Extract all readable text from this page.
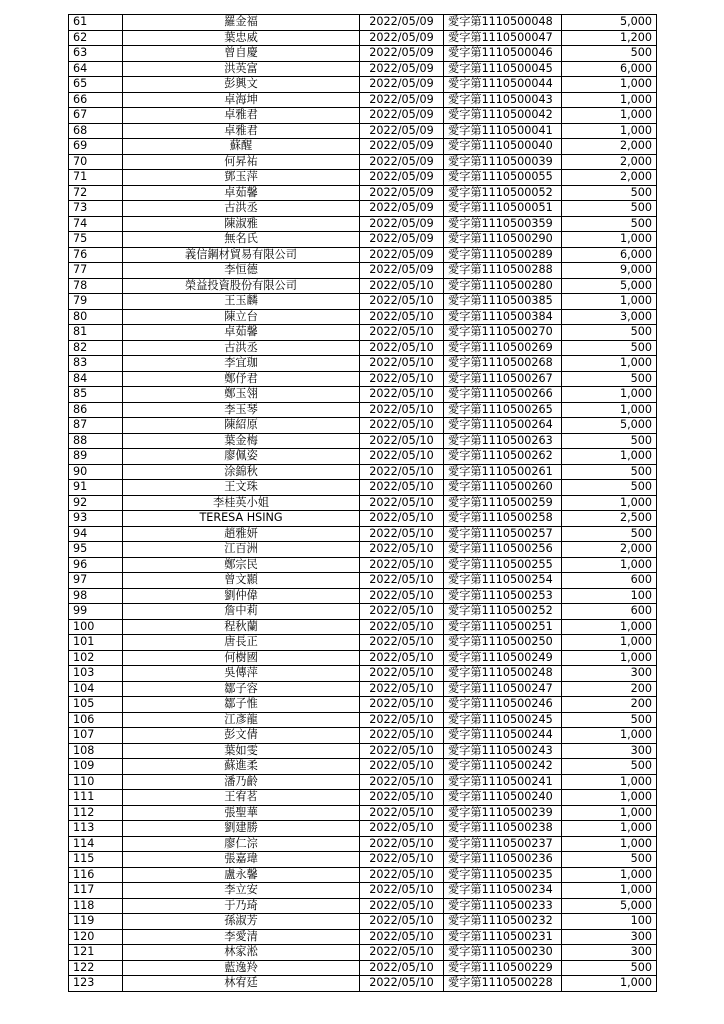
61	羅金福	2022/05/09	愛字第1110500048	5,000
62	葉忠威	2022/05/09	愛字第1110500047	1,200
63	曾自慶	2022/05/09	愛字第1110500046	500
64	洪英富	2022/05/09	愛字第1110500045	6,000
65	彭興文	2022/05/09	愛字第1110500044	1,000
66	卓海坤	2022/05/09	愛字第1110500043	1,000
67	卓雅君	2022/05/09	愛字第1110500042	1,000
68	卓雅君	2022/05/09	愛字第1110500041	1,000
69	蘇醒	2022/05/09	愛字第1110500040	2,000
70	何昇祐	2022/05/09	愛字第1110500039	2,000
71	鄧玉萍	2022/05/09	愛字第1110500055	2,000
72	卓茹馨	2022/05/09	愛字第1110500052	500
73	古洪丞	2022/05/09	愛字第1110500051	500
74	陳淑雅	2022/05/09	愛字第1110500359	500
75	無名氏	2022/05/09	愛字第1110500290	1,000
76	義信鋼材貿易有限公司	2022/05/09	愛字第1110500289	6,000
77	李恒德	2022/05/09	愛字第1110500288	9,000
78	榮益投資股份有限公司	2022/05/10	愛字第1110500280	5,000
79	王玉麟	2022/05/10	愛字第1110500385	1,000
80	陳立台	2022/05/10	愛字第1110500384	3,000
81	卓茹馨	2022/05/10	愛字第1110500270	500
82	古洪丞	2022/05/10	愛字第1110500269	500
83	李宜珈	2022/05/10	愛字第1110500268	1,000
84	鄭伃君	2022/05/10	愛字第1110500267	500
85	鄭玉翎	2022/05/10	愛字第1110500266	1,000
86	李玉琴	2022/05/10	愛字第1110500265	1,000
87	陳紹原	2022/05/10	愛字第1110500264	5,000
88	葉金梅	2022/05/10	愛字第1110500263	500
89	廖佩姿	2022/05/10	愛字第1110500262	1,000
90	涂錦秋	2022/05/10	愛字第1110500261	500
91	王文珠	2022/05/10	愛字第1110500260	500
92	李桂英小姐	2022/05/10	愛字第1110500259	1,000
93	TERESA HSING	2022/05/10	愛字第1110500258	2,500
94	趙雅妍	2022/05/10	愛字第1110500257	500
95	江百洲	2022/05/10	愛字第1110500256	2,000
96	鄭宗民	2022/05/10	愛字第1110500255	1,000
97	曾文顥	2022/05/10	愛字第1110500254	600
98	劉仲偉	2022/05/10	愛字第1110500253	100
99	詹中莉	2022/05/10	愛字第1110500252	600
100	程秋蘭	2022/05/10	愛字第1110500251	1,000
101	唐長正	2022/05/10	愛字第1110500250	1,000
102	何樹國	2022/05/10	愛字第1110500249	1,000
103	吳傳萍	2022/05/10	愛字第1110500248	300
104	鄒子容	2022/05/10	愛字第1110500247	200
105	鄒子惟	2022/05/10	愛字第1110500246	200
106	江彥龍	2022/05/10	愛字第1110500245	500
107	彭文倩	2022/05/10	愛字第1110500244	1,000
108	葉如雯	2022/05/10	愛字第1110500243	300
109	蘇進柔	2022/05/10	愛字第1110500242	500
110	潘乃齡	2022/05/10	愛字第1110500241	1,000
111	王宥茗	2022/05/10	愛字第1110500240	1,000
112	張聖華	2022/05/10	愛字第1110500239	1,000
113	劉建勝	2022/05/10	愛字第1110500238	1,000
114	廖仁淙	2022/05/10	愛字第1110500237	1,000
115	張嘉瑋	2022/05/10	愛字第1110500236	500
116	盧永馨	2022/05/10	愛字第1110500235	1,000
117	李立安	2022/05/10	愛字第1110500234	1,000
118	于乃琦	2022/05/10	愛字第1110500233	5,000
119	孫淑芳	2022/05/10	愛字第1110500232	100
120	李愛清	2022/05/10	愛字第1110500231	300
121	林家淞	2022/05/10	愛字第1110500230	300
122	藍逸羚	2022/05/10	愛字第1110500229	500
123	林宥廷	2022/05/10	愛字第1110500228	1,000
